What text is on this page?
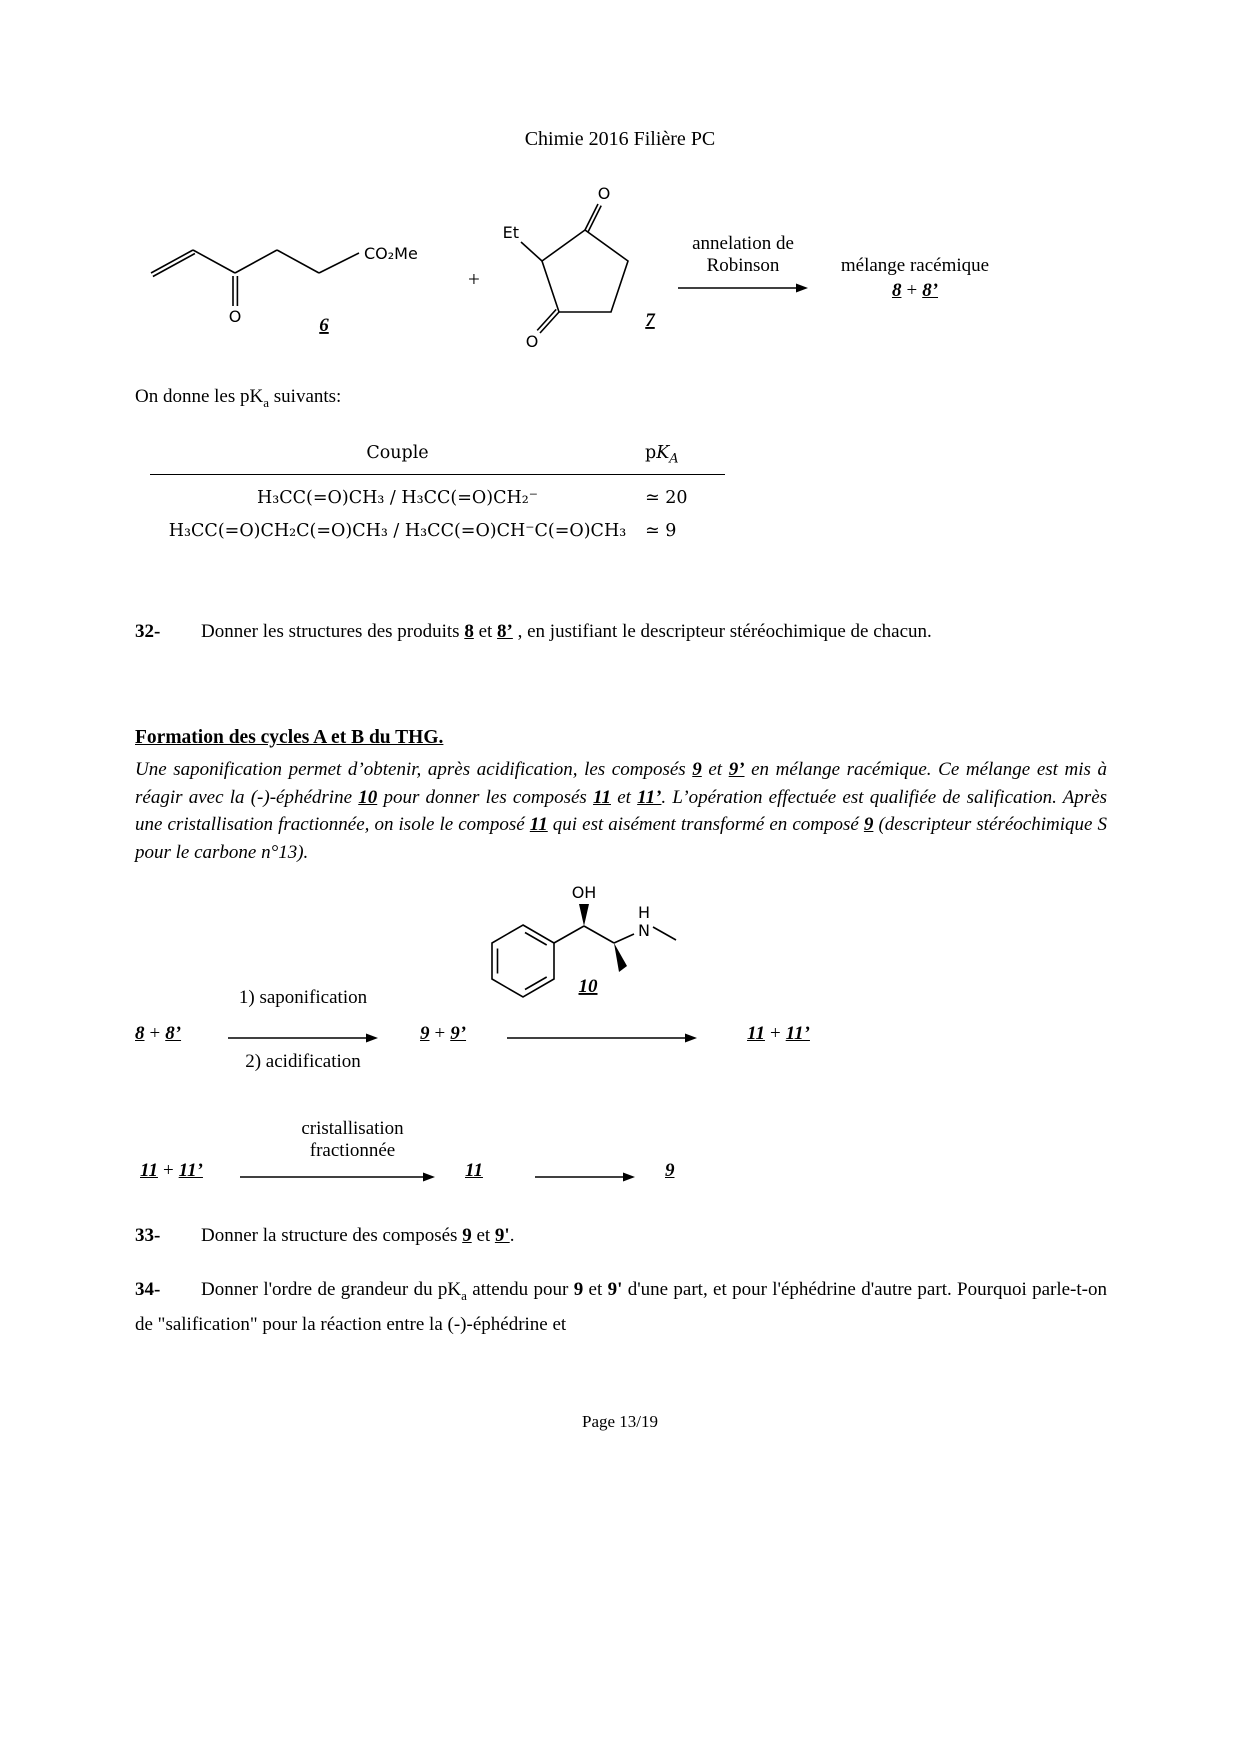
Chimie 2016 Filière PC
O
CO₂Me
6
+
O
Et
O
7
annelation de
Robinson	mélange racémique
8 + 8’

On donne les $pK_a$ suivants:

Couple	$pK_A$
H₃CC(=O)CH₃ / H₃CC(=O)CH₂⁻	≃ 20
H₃CC(=O)CH₂C(=O)CH₃ / H₃CC(=O)CH⁻C(=O)CH₃	≃ 9

32- Donner les structures des produits 8 et 8’ , en justifiant le descripteur stéréochimique de chacun.

Formation des cycles A et B du THG.

Une saponification permet d’obtenir, après acidification, les composés 9 et 9’ en mélange racémique. Ce mélange est mis à réagir avec la (-)-éphédrine 10 pour donner les composés 11 et 11’. L’opération effectuée est qualifiée de salification. Après une cristallisation fractionnée, on isole le composé 11 qui est aisément transformé en composé 9 (descripteur stéréochimique S pour le carbone n°13).

OH
H
N
10
8 + 8’
1) saponification
2) acidification
9 + 9’	11 + 11’
11 + 11’
cristallisation
fractionnée
11	9

33- Donner la structure des composés 9 et 9'.

34- Donner l'ordre de grandeur du $pK_a$ attendu pour 9 et 9' d'une part, et pour l'éphédrine d'autre part. Pourquoi parle-t-on de "salification" pour la réaction entre la (-)-éphédrine et

Page 13/19
